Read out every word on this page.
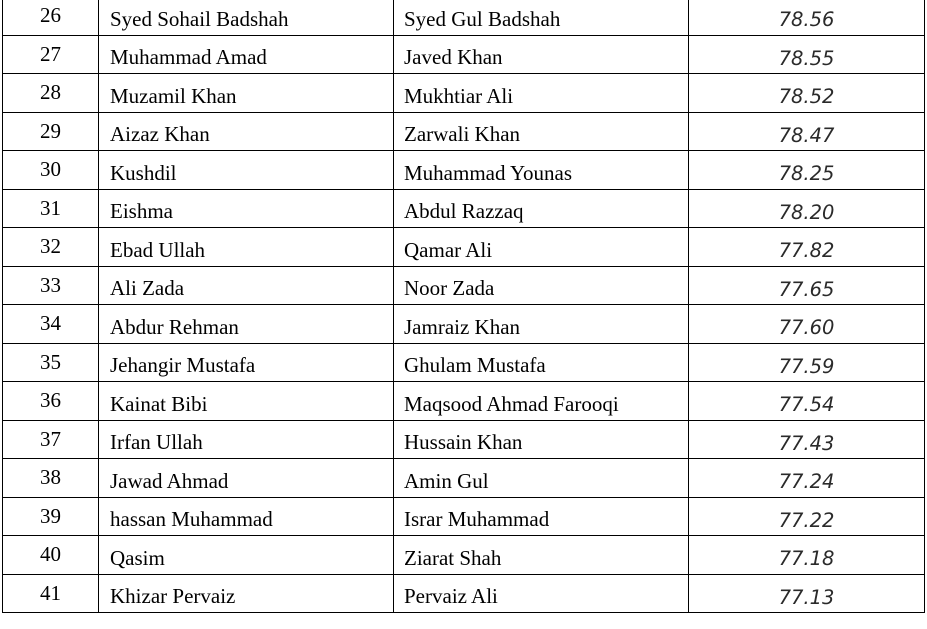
26	Syed Sohail Badshah	Syed Gul Badshah	78.56
27	Muhammad Amad	Javed Khan	78.55
28	Muzamil Khan	Mukhtiar Ali	78.52
29	Aizaz Khan	Zarwali Khan	78.47
30	Kushdil	Muhammad Younas	78.25
31	Eishma	Abdul Razzaq	78.20
32	Ebad Ullah	Qamar Ali	77.82
33	Ali Zada	Noor Zada	77.65
34	Abdur Rehman	Jamraiz Khan	77.60
35	Jehangir Mustafa	Ghulam Mustafa	77.59
36	Kainat Bibi	Maqsood Ahmad Farooqi	77.54
37	Irfan Ullah	Hussain Khan	77.43
38	Jawad Ahmad	Amin Gul	77.24
39	hassan Muhammad	Israr Muhammad	77.22
40	Qasim	Ziarat Shah	77.18
41	Khizar Pervaiz	Pervaiz Ali	77.13
